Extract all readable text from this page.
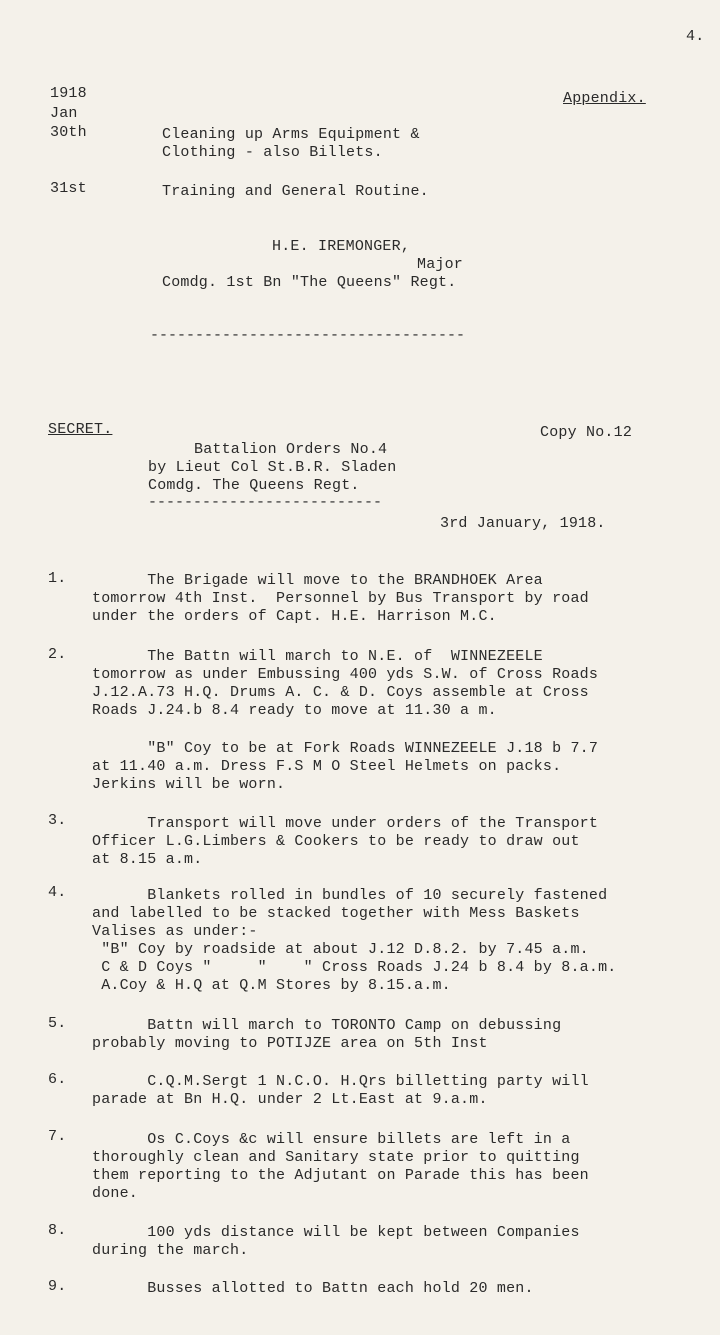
4.
1918
Jan
Appendix.
30th	Cleaning up Arms Equipment &
Clothing - also Billets.
31st	Training and General Routine.
H.E. IREMONGER,
Major
Comdg. 1st Bn "The Queens" Regt.
-----------------------------------
SECRET.	Copy No.12
Battalion Orders No.4
by Lieut Col St.B.R. Sladen
Comdg. The Queens Regt.
--------------------------
3rd January, 1918.
1. The Brigade will move to the BRANDHOEK Area
tomorrow 4th Inst.  Personnel by Bus Transport by road
under the orders of Capt. H.E. Harrison M.C.
2. The Battn will march to N.E. of  WINNEZEELE
tomorrow as under Embussing 400 yds S.W. of Cross Roads
J.12.A.73 H.Q. Drums A. C. & D. Coys assemble at Cross
Roads J.24.b 8.4 ready to move at 11.30 a m.
"B" Coy to be at Fork Roads WINNEZEELE J.18 b 7.7
at 11.40 a.m. Dress F.S M O Steel Helmets on packs.
Jerkins will be worn.
3. Transport will move under orders of the Transport
Officer L.G.Limbers & Cookers to be ready to draw out
at 8.15 a.m.
4. Blankets rolled in bundles of 10 securely fastened
and labelled to be stacked together with Mess Baskets
Valises as under:-
"B" Coy by roadside at about J.12 D.8.2. by 7.45 a.m.
C & D Coys "     "    " Cross Roads J.24 b 8.4 by 8.a.m.
A.Coy & H.Q at Q.M Stores by 8.15.a.m.
5. Battn will march to TORONTO Camp on debussing
probably moving to POTIJZE area on 5th Inst
6. C.Q.M.Sergt 1 N.C.O. H.Qrs billetting party will
parade at Bn H.Q. under 2 Lt.East at 9.a.m.
7. Os C.Coys &c will ensure billets are left in a
thoroughly clean and Sanitary state prior to quitting
them reporting to the Adjutant on Parade this has been
done.
8. 100 yds distance will be kept between Companies
during the march.
9. Busses allotted to Battn each hold 20 men.
